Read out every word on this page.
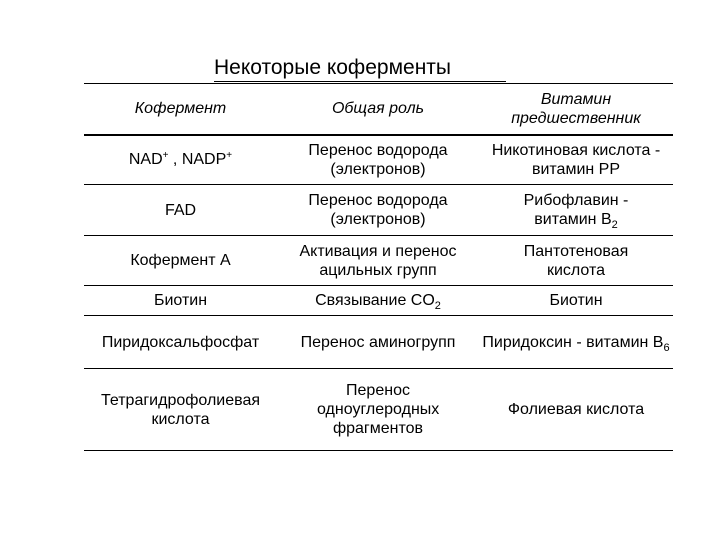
Некоторые коферменты
Кофермент	Общая роль	Витамин предшественник
NAD+ , NADP+	Перенос водорода (электронов)	Никотиновая кислота - витамин PP
FAD	Перенос водорода (электронов)	Рибофлавин - витамин $B_2$
Кофермент А	Активация и перенос ацильных групп	Пантотеновая кислота
Биотин	Связывание $CO_2$	Биотин
Пиридоксальфосфат	Перенос аминогрупп	Пиридоксин - витамин $B_6$
Тетрагидрофолиевая кислота	Перенос одноуглеродных фрагментов	Фолиевая кислота
